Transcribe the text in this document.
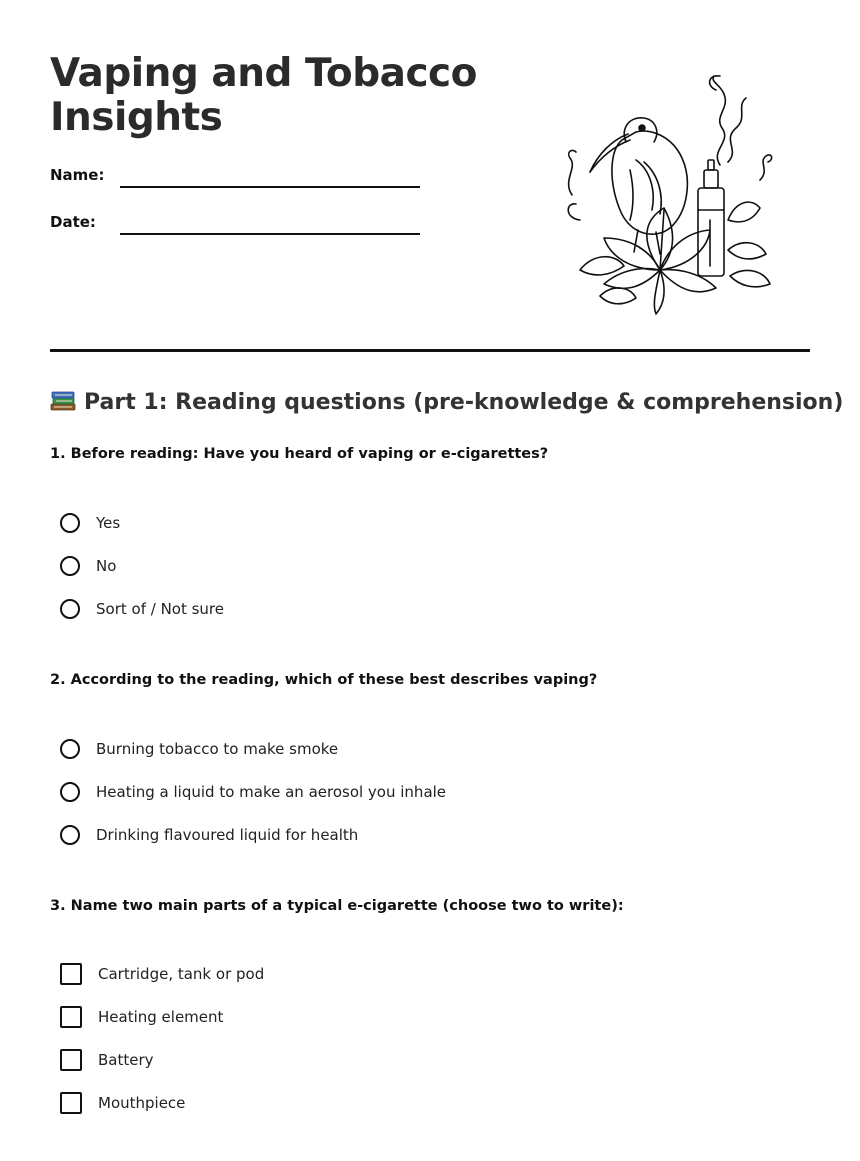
Vaping and Tobacco
Insights
Name:
Date:
Part 1: Reading questions (pre-knowledge & comprehension)
1. Before reading: Have you heard of vaping or e-cigarettes?
Yes
No
Sort of / Not sure
2. According to the reading, which of these best describes vaping?
Burning tobacco to make smoke
Heating a liquid to make an aerosol you inhale
Drinking flavoured liquid for health
3. Name two main parts of a typical e-cigarette (choose two to write):
Cartridge, tank or pod
Heating element
Battery
Mouthpiece
